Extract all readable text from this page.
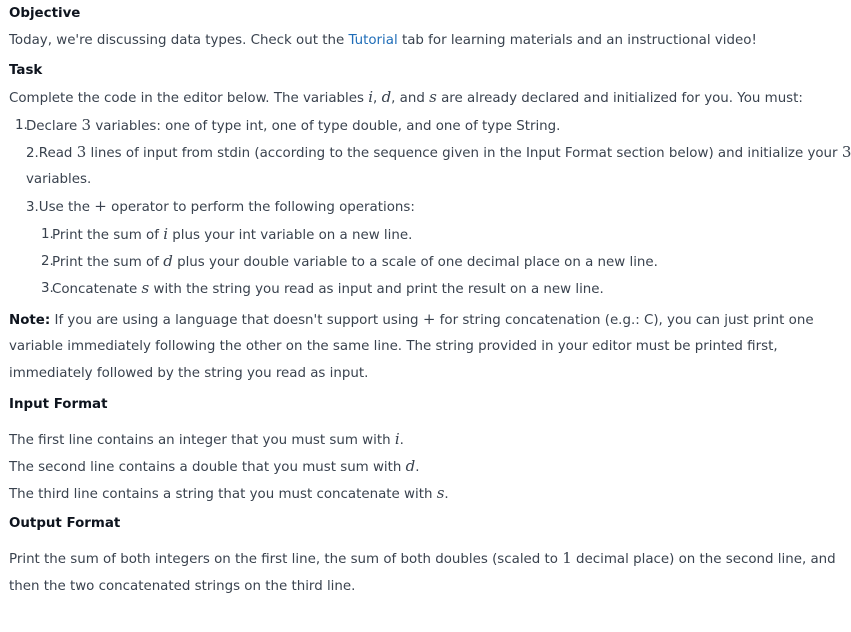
Objective
Today, we're discussing data types. Check out the Tutorial tab for learning materials and an instructional video!
Task
Complete the code in the editor below. The variables i, d, and s are already declared and initialized for you. You must:
1.
Declare 3 variables: one of type int, one of type double, and one of type String.
2.Read 3 lines of input from stdin (according to the sequence given in the Input Format section below) and initialize your 3
variables.
3.Use the + operator to perform the following operations:
1.
Print the sum of i plus your int variable on a new line.
2.
Print the sum of d plus your double variable to a scale of one decimal place on a new line.
3.
Concatenate s with the string you read as input and print the result on a new line.
Note: If you are using a language that doesn't support using + for string concatenation (e.g.: C), you can just print one
variable immediately following the other on the same line. The string provided in your editor must be printed first,
immediately followed by the string you read as input.
Input Format
The first line contains an integer that you must sum with i.
The second line contains a double that you must sum with d.
The third line contains a string that you must concatenate with s.
Output Format
Print the sum of both integers on the first line, the sum of both doubles (scaled to 1 decimal place) on the second line, and
then the two concatenated strings on the third line.
